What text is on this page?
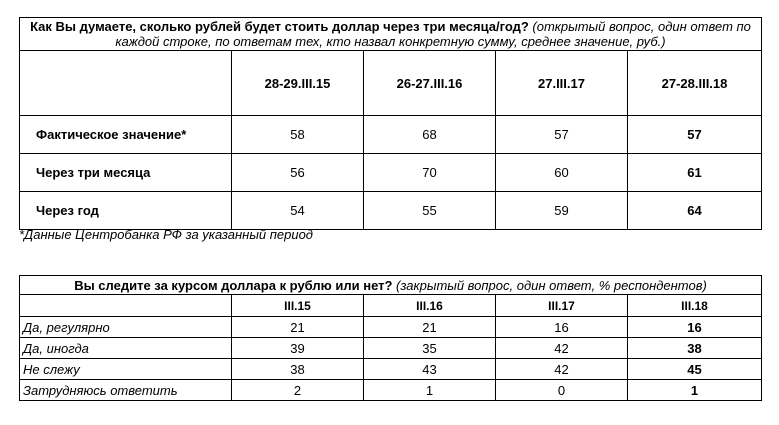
Как Вы думаете, сколько рублей будет стоить доллар через три месяца/год? (открытый вопрос, один ответ по
каждой строке, по ответам тех, кто назвал конкретную сумму, среднее значение, руб.)				
	28-29.III.15	26-27.III.16	27.III.17	27-28.III.18
Фактическое значение*	58	68	57	57
Через три месяца	56	70	60	61
Через год	54	55	59	64
*Данные Центробанка РФ за указанный период
Вы следите за курсом доллара к рублю или нет? (закрытый вопрос, один ответ, % респондентов)				
	III.15	III.16	III.17	III.18
Да, регулярно	21	21	16	16
Да, иногда	39	35	42	38
Не слежу	38	43	42	45
Затрудняюсь ответить	2	1	0	1
